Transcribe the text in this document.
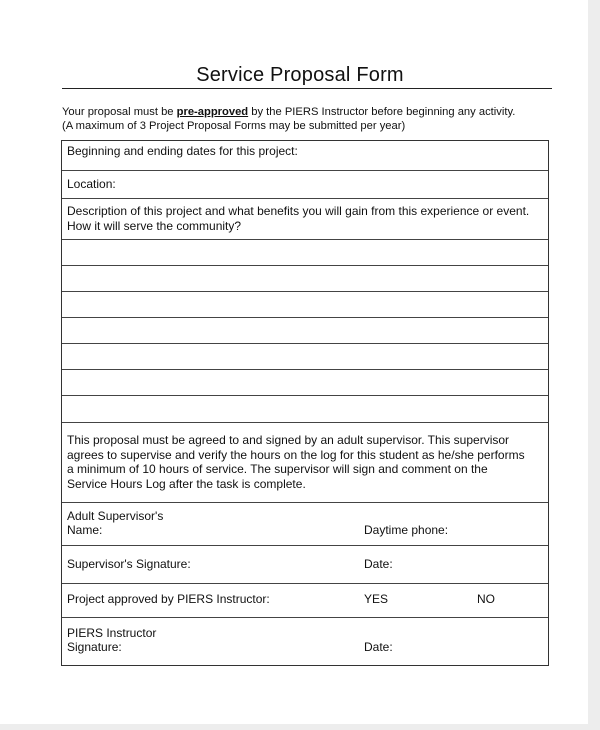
Service Proposal Form
Your proposal must be pre-approved by the PIERS Instructor before beginning any activity.
(A maximum of 3 Project Proposal Forms may be submitted per year)
Beginning and ending dates for this project:
Location:
Description of this project and what benefits you will gain from this experience or event.
How it will serve the community?
This proposal must be agreed to and signed by an adult supervisor. This supervisor
agrees to supervise and verify the hours on the log for this student as he/she performs
a minimum of 10 hours of service. The supervisor will sign and comment on the
Service Hours Log after the task is complete.
Adult Supervisor's
Name:	Daytime phone:
Supervisor's Signature:	Date:
Project approved by PIERS Instructor:	YES	NO
PIERS Instructor
Signature:	Date:
